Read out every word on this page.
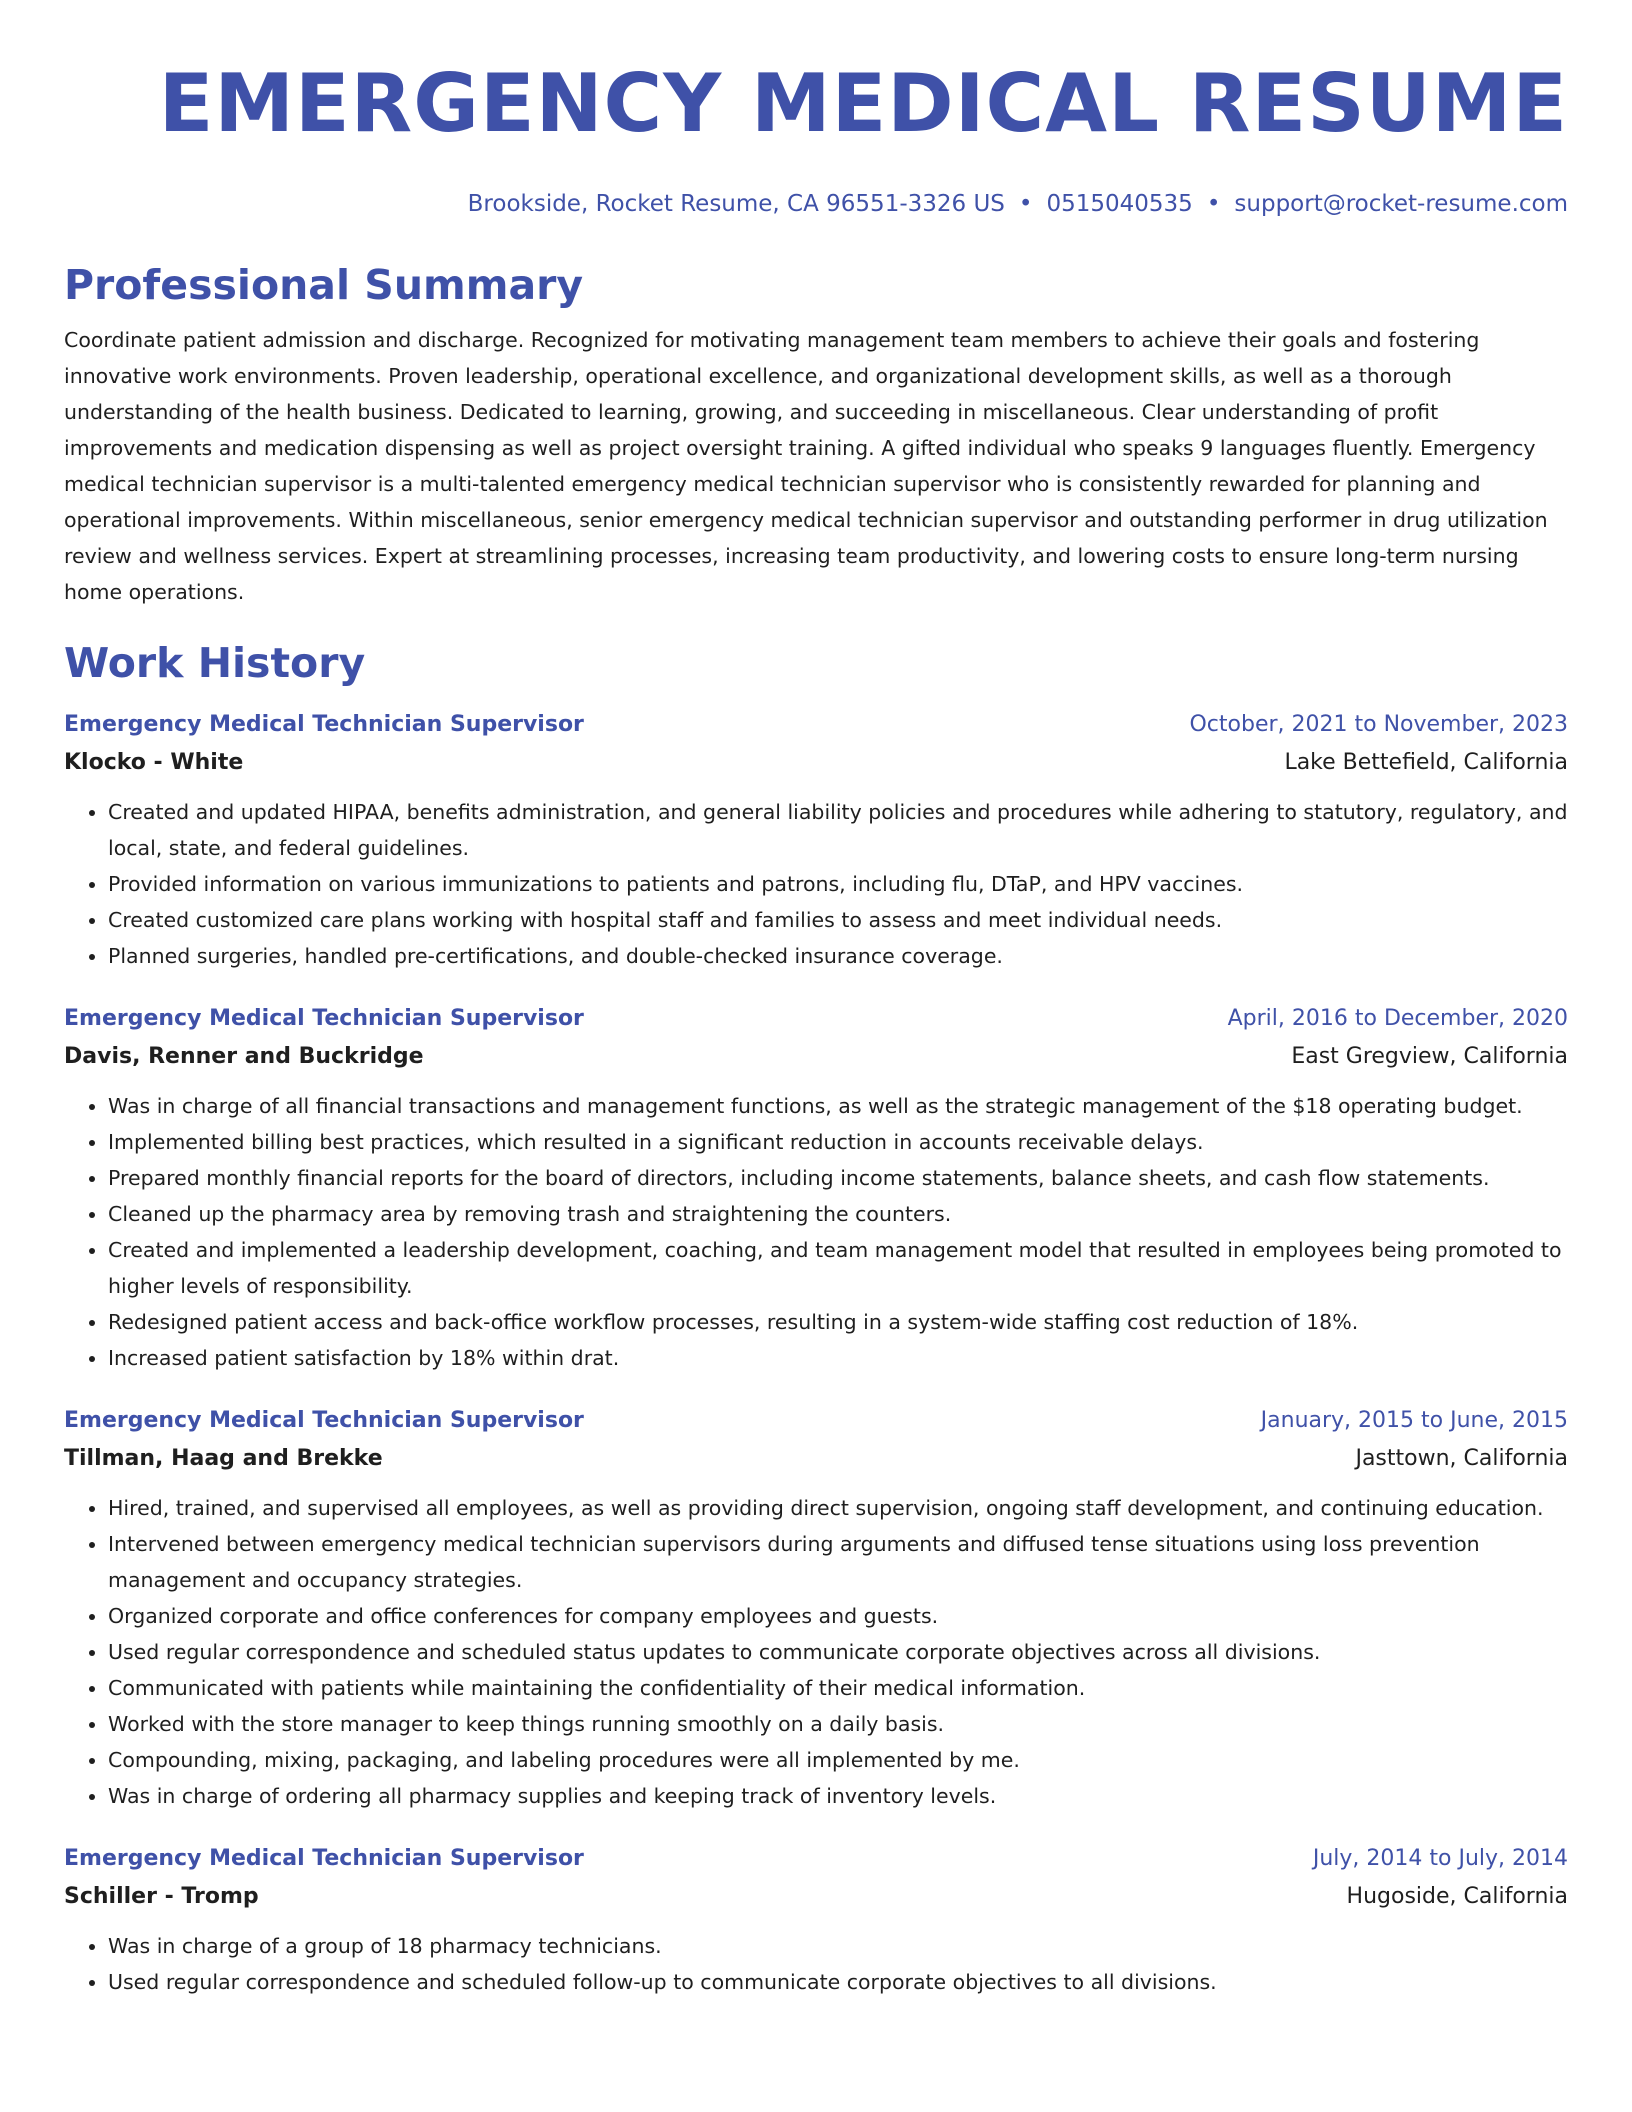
EMERGENCY MEDICAL RESUME
Brookside, Rocket Resume, CA 96551-3326 US • 0515040535 • support@rocket-resume.com
Professional Summary
Coordinate patient admission and discharge. Recognized for motivating management team members to achieve their goals and fostering innovative work environments. Proven leadership, operational excellence, and organizational development skills, as well as a thorough understanding of the health business. Dedicated to learning, growing, and succeeding in miscellaneous. Clear understanding of profit improvements and medication dispensing as well as project oversight training. A gifted individual who speaks 9 languages fluently. Emergency medical technician supervisor is a multi-talented emergency medical technician supervisor who is consistently rewarded for planning and operational improvements. Within miscellaneous, senior emergency medical technician supervisor and outstanding performer in drug utilization review and wellness services. Expert at streamlining processes, increasing team productivity, and lowering costs to ensure long-term nursing home operations.
Work History
Emergency Medical Technician Supervisor	October, 2021 to November, 2023
Klocko - White	Lake Bettefield, California
• Created and updated HIPAA, benefits administration, and general liability policies and procedures while adhering to statutory, regulatory, and local, state, and federal guidelines.
• Provided information on various immunizations to patients and patrons, including flu, DTaP, and HPV vaccines.
• Created customized care plans working with hospital staff and families to assess and meet individual needs.
• Planned surgeries, handled pre-certifications, and double-checked insurance coverage.
Emergency Medical Technician Supervisor	April, 2016 to December, 2020
Davis, Renner and Buckridge	East Gregview, California
• Was in charge of all financial transactions and management functions, as well as the strategic management of the $18 operating budget.
• Implemented billing best practices, which resulted in a significant reduction in accounts receivable delays.
• Prepared monthly financial reports for the board of directors, including income statements, balance sheets, and cash flow statements.
• Cleaned up the pharmacy area by removing trash and straightening the counters.
• Created and implemented a leadership development, coaching, and team management model that resulted in employees being promoted to higher levels of responsibility.
• Redesigned patient access and back-office workflow processes, resulting in a system-wide staffing cost reduction of 18%.
• Increased patient satisfaction by 18% within drat.
Emergency Medical Technician Supervisor	January, 2015 to June, 2015
Tillman, Haag and Brekke	Jasttown, California
• Hired, trained, and supervised all employees, as well as providing direct supervision, ongoing staff development, and continuing education.
• Intervened between emergency medical technician supervisors during arguments and diffused tense situations using loss prevention management and occupancy strategies.
• Organized corporate and office conferences for company employees and guests.
• Used regular correspondence and scheduled status updates to communicate corporate objectives across all divisions.
• Communicated with patients while maintaining the confidentiality of their medical information.
• Worked with the store manager to keep things running smoothly on a daily basis.
• Compounding, mixing, packaging, and labeling procedures were all implemented by me.
• Was in charge of ordering all pharmacy supplies and keeping track of inventory levels.
Emergency Medical Technician Supervisor	July, 2014 to July, 2014
Schiller - Tromp	Hugoside, California
• Was in charge of a group of 18 pharmacy technicians.
• Used regular correspondence and scheduled follow-up to communicate corporate objectives to all divisions.
